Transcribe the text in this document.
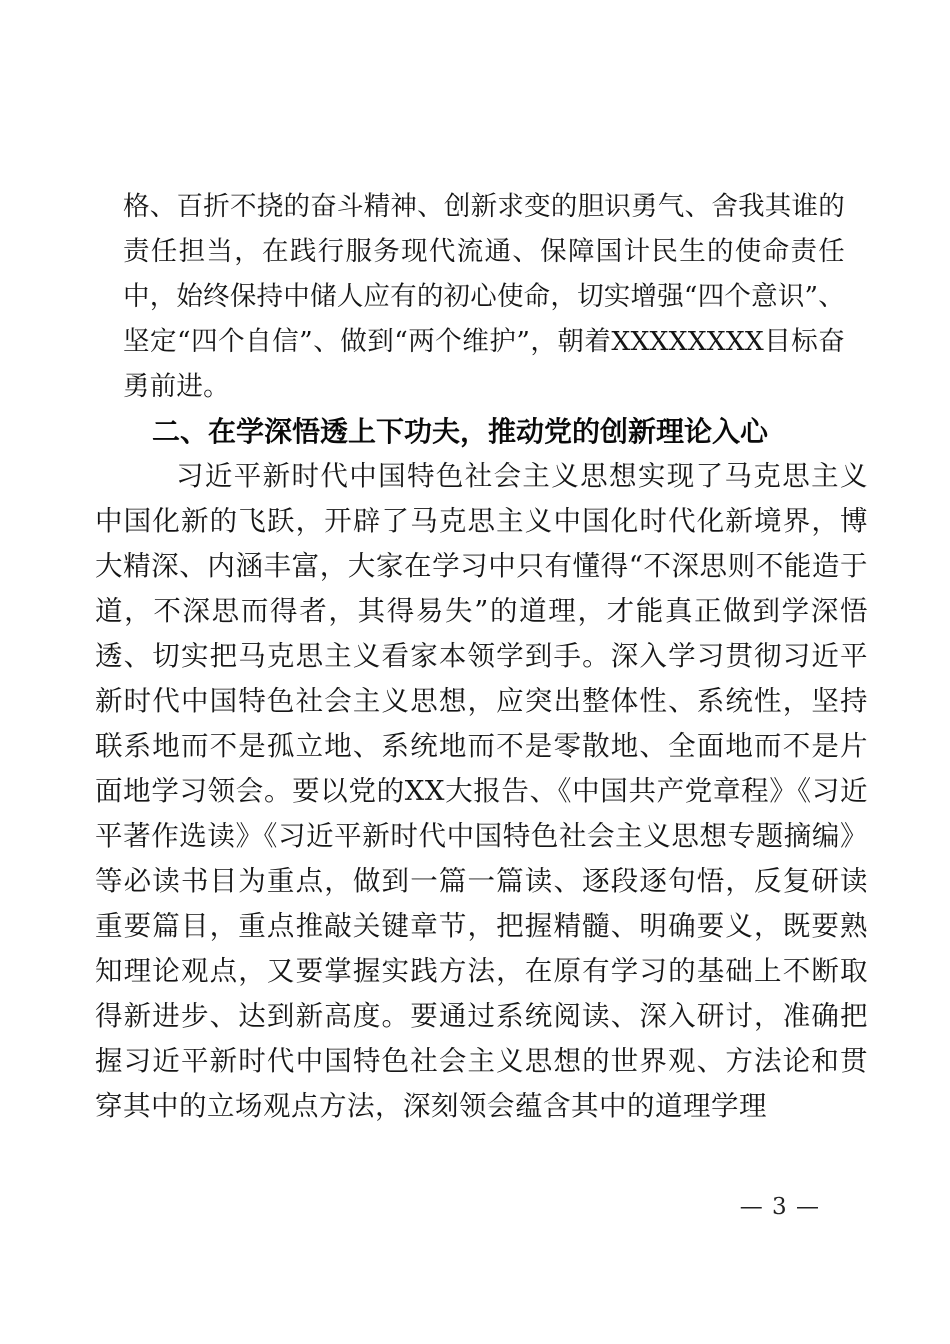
格、百折不挠的奋斗精神、创新求变的胆识勇气、舍我其谁的责任担当，在践行服务现代流通、保障国计民生的使命责任中，始终保持中储人应有的初心使命，切实增强“四个意识”、坚定“四个自信”、做到“两个维护”，朝着XXXXXXXX目标奋勇前进。

二、在学深悟透上下功夫，推动党的创新理论入心

习近平新时代中国特色社会主义思想实现了马克思主义中国化新的飞跃，开辟了马克思主义中国化时代化新境界，博大精深、内涵丰富，大家在学习中只有懂得“不深思则不能造于道，不深思而得者，其得易失”的道理，才能真正做到学深悟透、切实把马克思主义看家本领学到手。深入学习贯彻习近平新时代中国特色社会主义思想，应突出整体性、系统性，坚持联系地而不是孤立地、系统地而不是零散地、全面地而不是片面地学习领会。要以党的XX大报告、《中国共产党章程》《习近平著作选读》《习近平新时代中国特色社会主义思想专题摘编》等必读书目为重点，做到一篇一篇读、逐段逐句悟，反复研读重要篇目，重点推敲关键章节，把握精髓、明确要义，既要熟知理论观点，又要掌握实践方法，在原有学习的基础上不断取得新进步、达到新高度。要通过系统阅读、深入研讨，准确把握习近平新时代中国特色社会主义思想的世界观、方法论和贯穿其中的立场观点方法，深刻领会蕴含其中的道理学理

— 3 —
